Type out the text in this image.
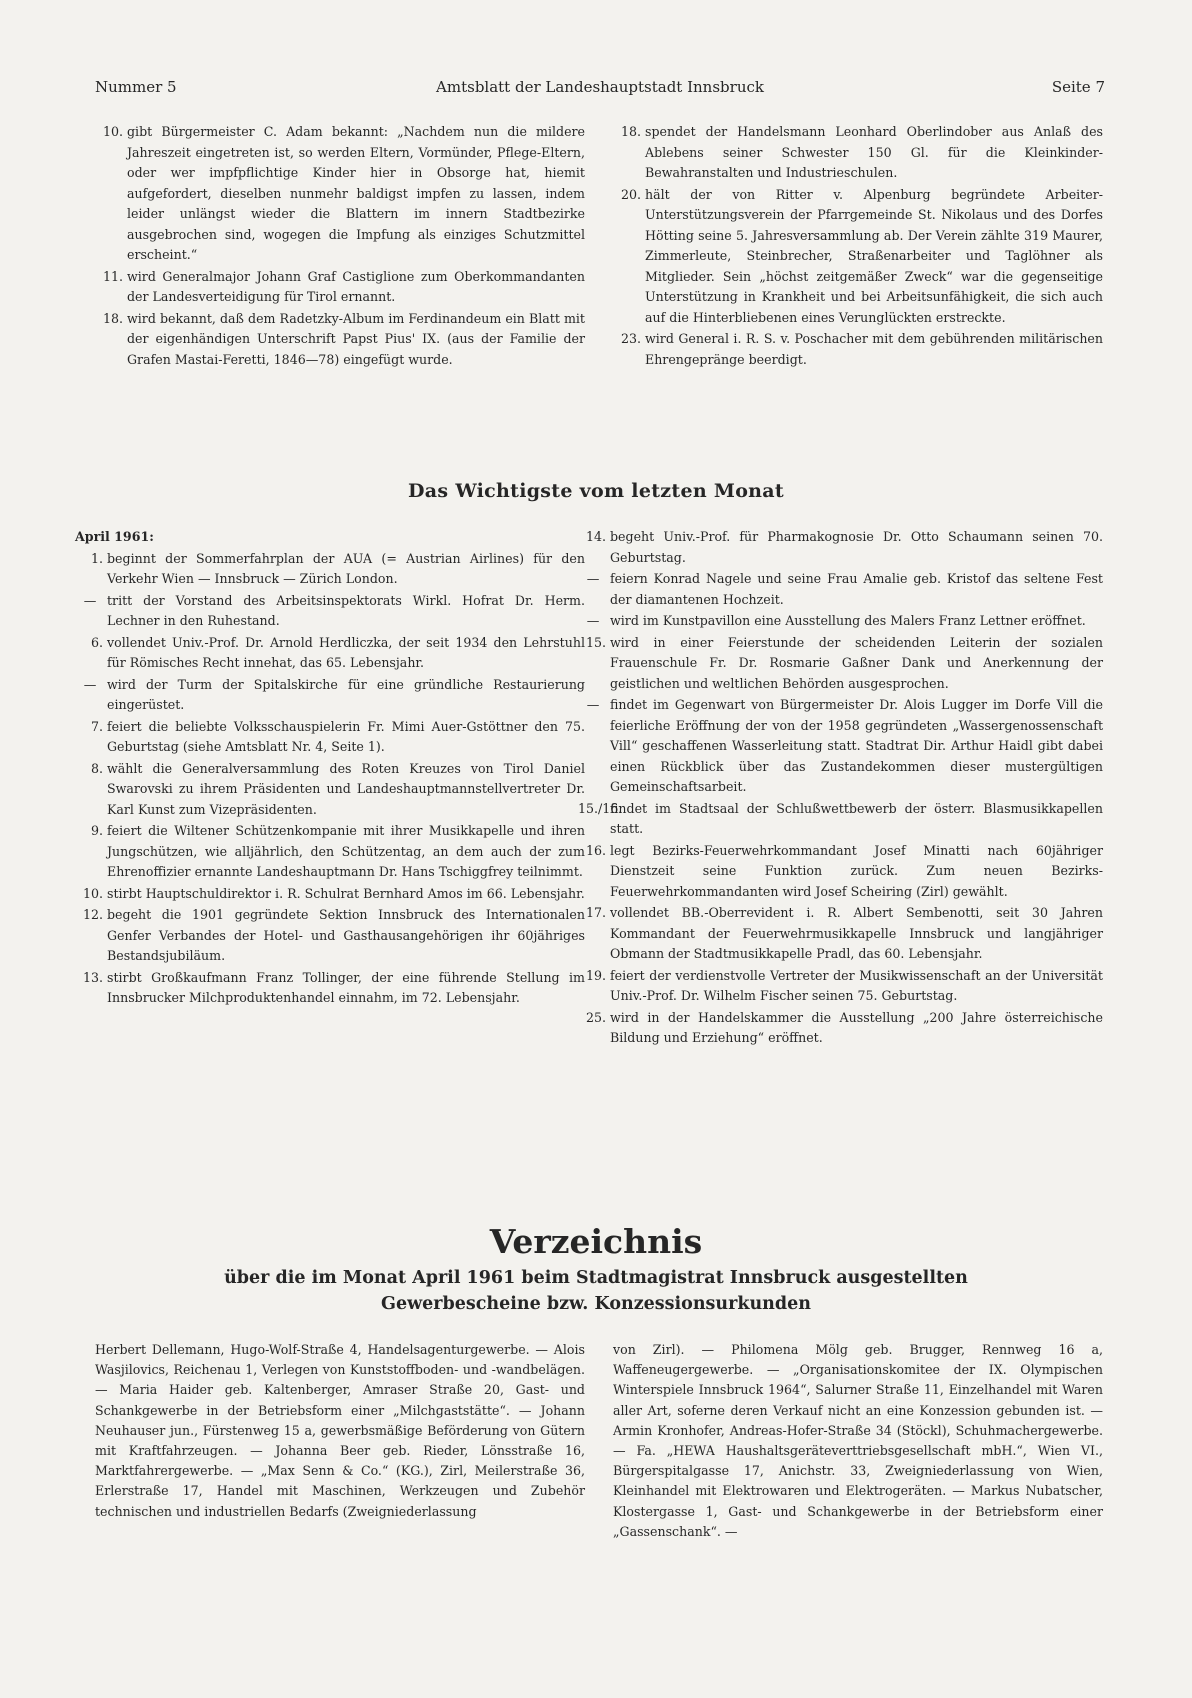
Nummer 5	Amtsblatt der Landeshauptstadt Innsbruck	Seite 7
10. gibt Bürgermeister C. Adam bekannt: „Nachdem nun die mildere Jahreszeit eingetreten ist, so werden Eltern, Vormünder, Pflege-Eltern, oder wer impfpflichtige Kinder hier in Obsorge hat, hiemit aufgefordert, dieselben nunmehr baldigst impfen zu lassen, indem leider unlängst wieder die Blattern im innern Stadtbezirke ausgebrochen sind, wogegen die Impfung als einziges Schutzmittel erscheint.“
11. wird Generalmajor Johann Graf Castiglione zum Oberkommandanten der Landesverteidigung für Tirol ernannt.
18. wird bekannt, daß dem Radetzky-Album im Ferdinandeum ein Blatt mit der eigenhändigen Unterschrift Papst Pius' IX. (aus der Familie der Grafen Mastai-Feretti, 1846—78) eingefügt wurde.
18. spendet der Handelsmann Leonhard Oberlindober aus Anlaß des Ablebens seiner Schwester 150 Gl. für die Kleinkinder-Bewahranstalten und Industrieschulen.
20. hält der von Ritter v. Alpenburg begründete Arbeiter-Unterstützungsverein der Pfarrgemeinde St. Nikolaus und des Dorfes Hötting seine 5. Jahresversammlung ab. Der Verein zählte 319 Maurer, Zimmerleute, Steinbrecher, Straßenarbeiter und Taglöhner als Mitglieder. Sein „höchst zeitgemäßer Zweck“ war die gegenseitige Unterstützung in Krankheit und bei Arbeitsunfähigkeit, die sich auch auf die Hinterbliebenen eines Verunglückten erstreckte.
23. wird General i. R. S. v. Poschacher mit dem gebührenden militärischen Ehrengepränge beerdigt.
Das Wichtigste vom letzten Monat
April 1961:
1. beginnt der Sommerfahrplan der AUA (= Austrian Airlines) für den Verkehr Wien — Innsbruck — Zürich London.
— tritt der Vorstand des Arbeitsinspektorats Wirkl. Hofrat Dr. Herm. Lechner in den Ruhestand.
6. vollendet Univ.-Prof. Dr. Arnold Herdliczka, der seit 1934 den Lehrstuhl für Römisches Recht innehat, das 65. Lebensjahr.
— wird der Turm der Spitalskirche für eine gründliche Restaurierung eingerüstet.
7. feiert die beliebte Volksschauspielerin Fr. Mimi Auer-Gstöttner den 75. Geburtstag (siehe Amtsblatt Nr. 4, Seite 1).
8. wählt die Generalversammlung des Roten Kreuzes von Tirol Daniel Swarovski zu ihrem Präsidenten und Landeshauptmannstellvertreter Dr. Karl Kunst zum Vizepräsidenten.
9. feiert die Wiltener Schützenkompanie mit ihrer Musikkapelle und ihren Jungschützen, wie alljährlich, den Schützentag, an dem auch der zum Ehrenoffizier ernannte Landeshauptmann Dr. Hans Tschiggfrey teilnimmt.
10. stirbt Hauptschuldirektor i. R. Schulrat Bernhard Amos im 66. Lebensjahr.
12. begeht die 1901 gegründete Sektion Innsbruck des Internationalen Genfer Verbandes der Hotel- und Gasthausangehörigen ihr 60jähriges Bestandsjubiläum.
13. stirbt Großkaufmann Franz Tollinger, der eine führende Stellung im Innsbrucker Milchproduktenhandel einnahm, im 72. Lebensjahr.
14. begeht Univ.-Prof. für Pharmakognosie Dr. Otto Schaumann seinen 70. Geburtstag.
— feiern Konrad Nagele und seine Frau Amalie geb. Kristof das seltene Fest der diamantenen Hochzeit.
— wird im Kunstpavillon eine Ausstellung des Malers Franz Lettner eröffnet.
15. wird in einer Feierstunde der scheidenden Leiterin der sozialen Frauenschule Fr. Dr. Rosmarie Gaßner Dank und Anerkennung der geistlichen und weltlichen Behörden ausgesprochen.
— findet im Gegenwart von Bürgermeister Dr. Alois Lugger im Dorfe Vill die feierliche Eröffnung der von der 1958 gegründeten „Wassergenossenschaft Vill“ geschaffenen Wasserleitung statt. Stadtrat Dir. Arthur Haidl gibt dabei einen Rückblick über das Zustandekommen dieser mustergültigen Gemeinschaftsarbeit.
15./16.
findet im Stadtsaal der Schlußwettbewerb der österr. Blasmusikkapellen statt.
16. legt Bezirks-Feuerwehrkommandant Josef Minatti nach 60jähriger Dienstzeit seine Funktion zurück. Zum neuen Bezirks-Feuerwehrkommandanten wird Josef Scheiring (Zirl) gewählt.
17. vollendet BB.-Oberrevident i. R. Albert Sembenotti, seit 30 Jahren Kommandant der Feuerwehrmusikkapelle Innsbruck und langjähriger Obmann der Stadtmusikkapelle Pradl, das 60. Lebensjahr.
19. feiert der verdienstvolle Vertreter der Musikwissenschaft an der Universität Univ.-Prof. Dr. Wilhelm Fischer seinen 75. Geburtstag.
25. wird in der Handelskammer die Ausstellung „200 Jahre österreichische Bildung und Erziehung“ eröffnet.
Verzeichnis
über die im Monat April 1961 beim Stadtmagistrat Innsbruck ausgestellten
Gewerbescheine bzw. Konzessionsurkunden
Herbert Dellemann, Hugo-Wolf-Straße 4, Handelsagenturgewerbe. — Alois Wasjilovics, Reichenau 1, Verlegen von Kunststoffboden- und -wandbelägen. — Maria Haider geb. Kaltenberger, Amraser Straße 20, Gast- und Schankgewerbe in der Betriebsform einer „Milchgaststätte“. — Johann Neuhauser jun., Fürstenweg 15 a, gewerbsmäßige Beförderung von Gütern mit Kraftfahrzeugen. — Johanna Beer geb. Rieder, Lönsstraße 16, Marktfahrergewerbe. — „Max Senn & Co.“ (KG.), Zirl, Meilerstraße 36, Erlerstraße 17, Handel mit Maschinen, Werkzeugen und Zubehör technischen und industriellen Bedarfs (Zweigniederlassung
von Zirl). — Philomena Mölg geb. Brugger, Rennweg 16 a, Waffeneugergewerbe. — „Organisationskomitee der IX. Olympischen Winterspiele Innsbruck 1964“, Salurner Straße 11, Einzelhandel mit Waren aller Art, soferne deren Verkauf nicht an eine Konzession gebunden ist. — Armin Kronhofer, Andreas-Hofer-Straße 34 (Stöckl), Schuhmachergewerbe. — Fa. „HEWA Haushaltsgeräteverttriebsgesellschaft mbH.“, Wien VI., Bürgerspitalgasse 17, Anichstr. 33, Zweigniederlassung von Wien, Kleinhandel mit Elektrowaren und Elektrogeräten. — Markus Nubatscher, Klostergasse 1, Gast- und Schankgewerbe in der Betriebsform einer „Gassenschank“. —
